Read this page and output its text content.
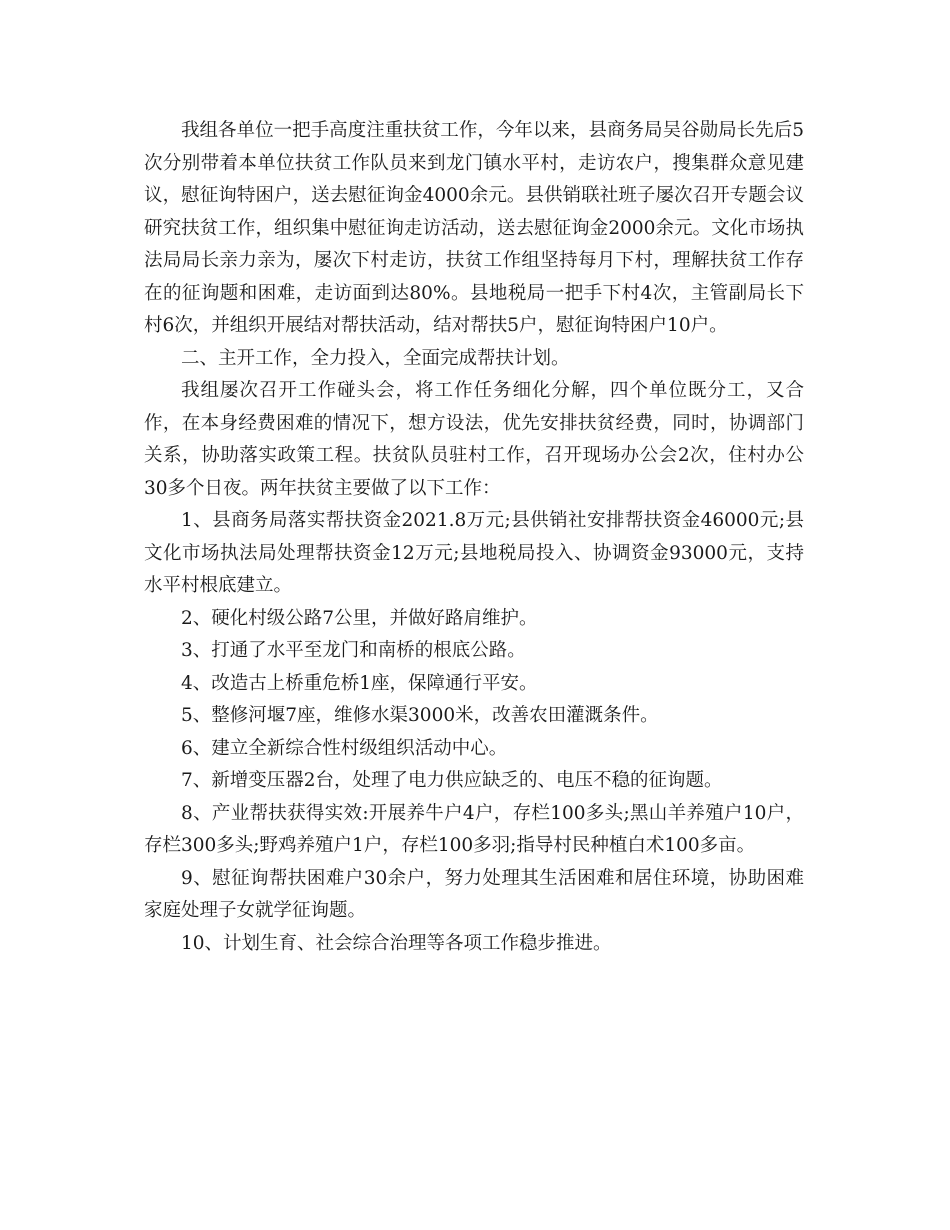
我组各单位一把手高度注重扶贫工作，今年以来，县商务局吴谷勋局长先后5次分别带着本单位扶贫工作队员来到龙门镇水平村，走访农户，搜集群众意见建议，慰征询特困户，送去慰征询金4000余元。县供销联社班子屡次召开专题会议研究扶贫工作，组织集中慰征询走访活动，送去慰征询金2000余元。文化市场执法局局长亲力亲为，屡次下村走访，扶贫工作组坚持每月下村，理解扶贫工作存在的征询题和困难，走访面到达80%。县地税局一把手下村4次，主管副局长下村6次，并组织开展结对帮扶活动，结对帮扶5户，慰征询特困户10户。

二、主开工作，全力投入，全面完成帮扶计划。

我组屡次召开工作碰头会，将工作任务细化分解，四个单位既分工，又合作，在本身经费困难的情况下，想方设法，优先安排扶贫经费，同时，协调部门关系，协助落实政策工程。扶贫队员驻村工作，召开现场办公会2次，住村办公30多个日夜。两年扶贫主要做了以下工作：

1、县商务局落实帮扶资金2021.8万元;县供销社安排帮扶资金46000元;县文化市场执法局处理帮扶资金12万元;县地税局投入、协调资金93000元，支持水平村根底建立。

2、硬化村级公路7公里，并做好路肩维护。

3、打通了水平至龙门和南桥的根底公路。

4、改造古上桥重危桥1座，保障通行平安。

5、整修河堰7座，维修水渠3000米，改善农田灌溉条件。

6、建立全新综合性村级组织活动中心。

7、新增变压器2台，处理了电力供应缺乏的、电压不稳的征询题。

8、产业帮扶获得实效:开展养牛户4户，存栏100多头;黑山羊养殖户10户，存栏300多头;野鸡养殖户1户，存栏100多羽;指导村民种植白术100多亩。

9、慰征询帮扶困难户30余户，努力处理其生活困难和居住环境，协助困难家庭处理子女就学征询题。

10、计划生育、社会综合治理等各项工作稳步推进。
